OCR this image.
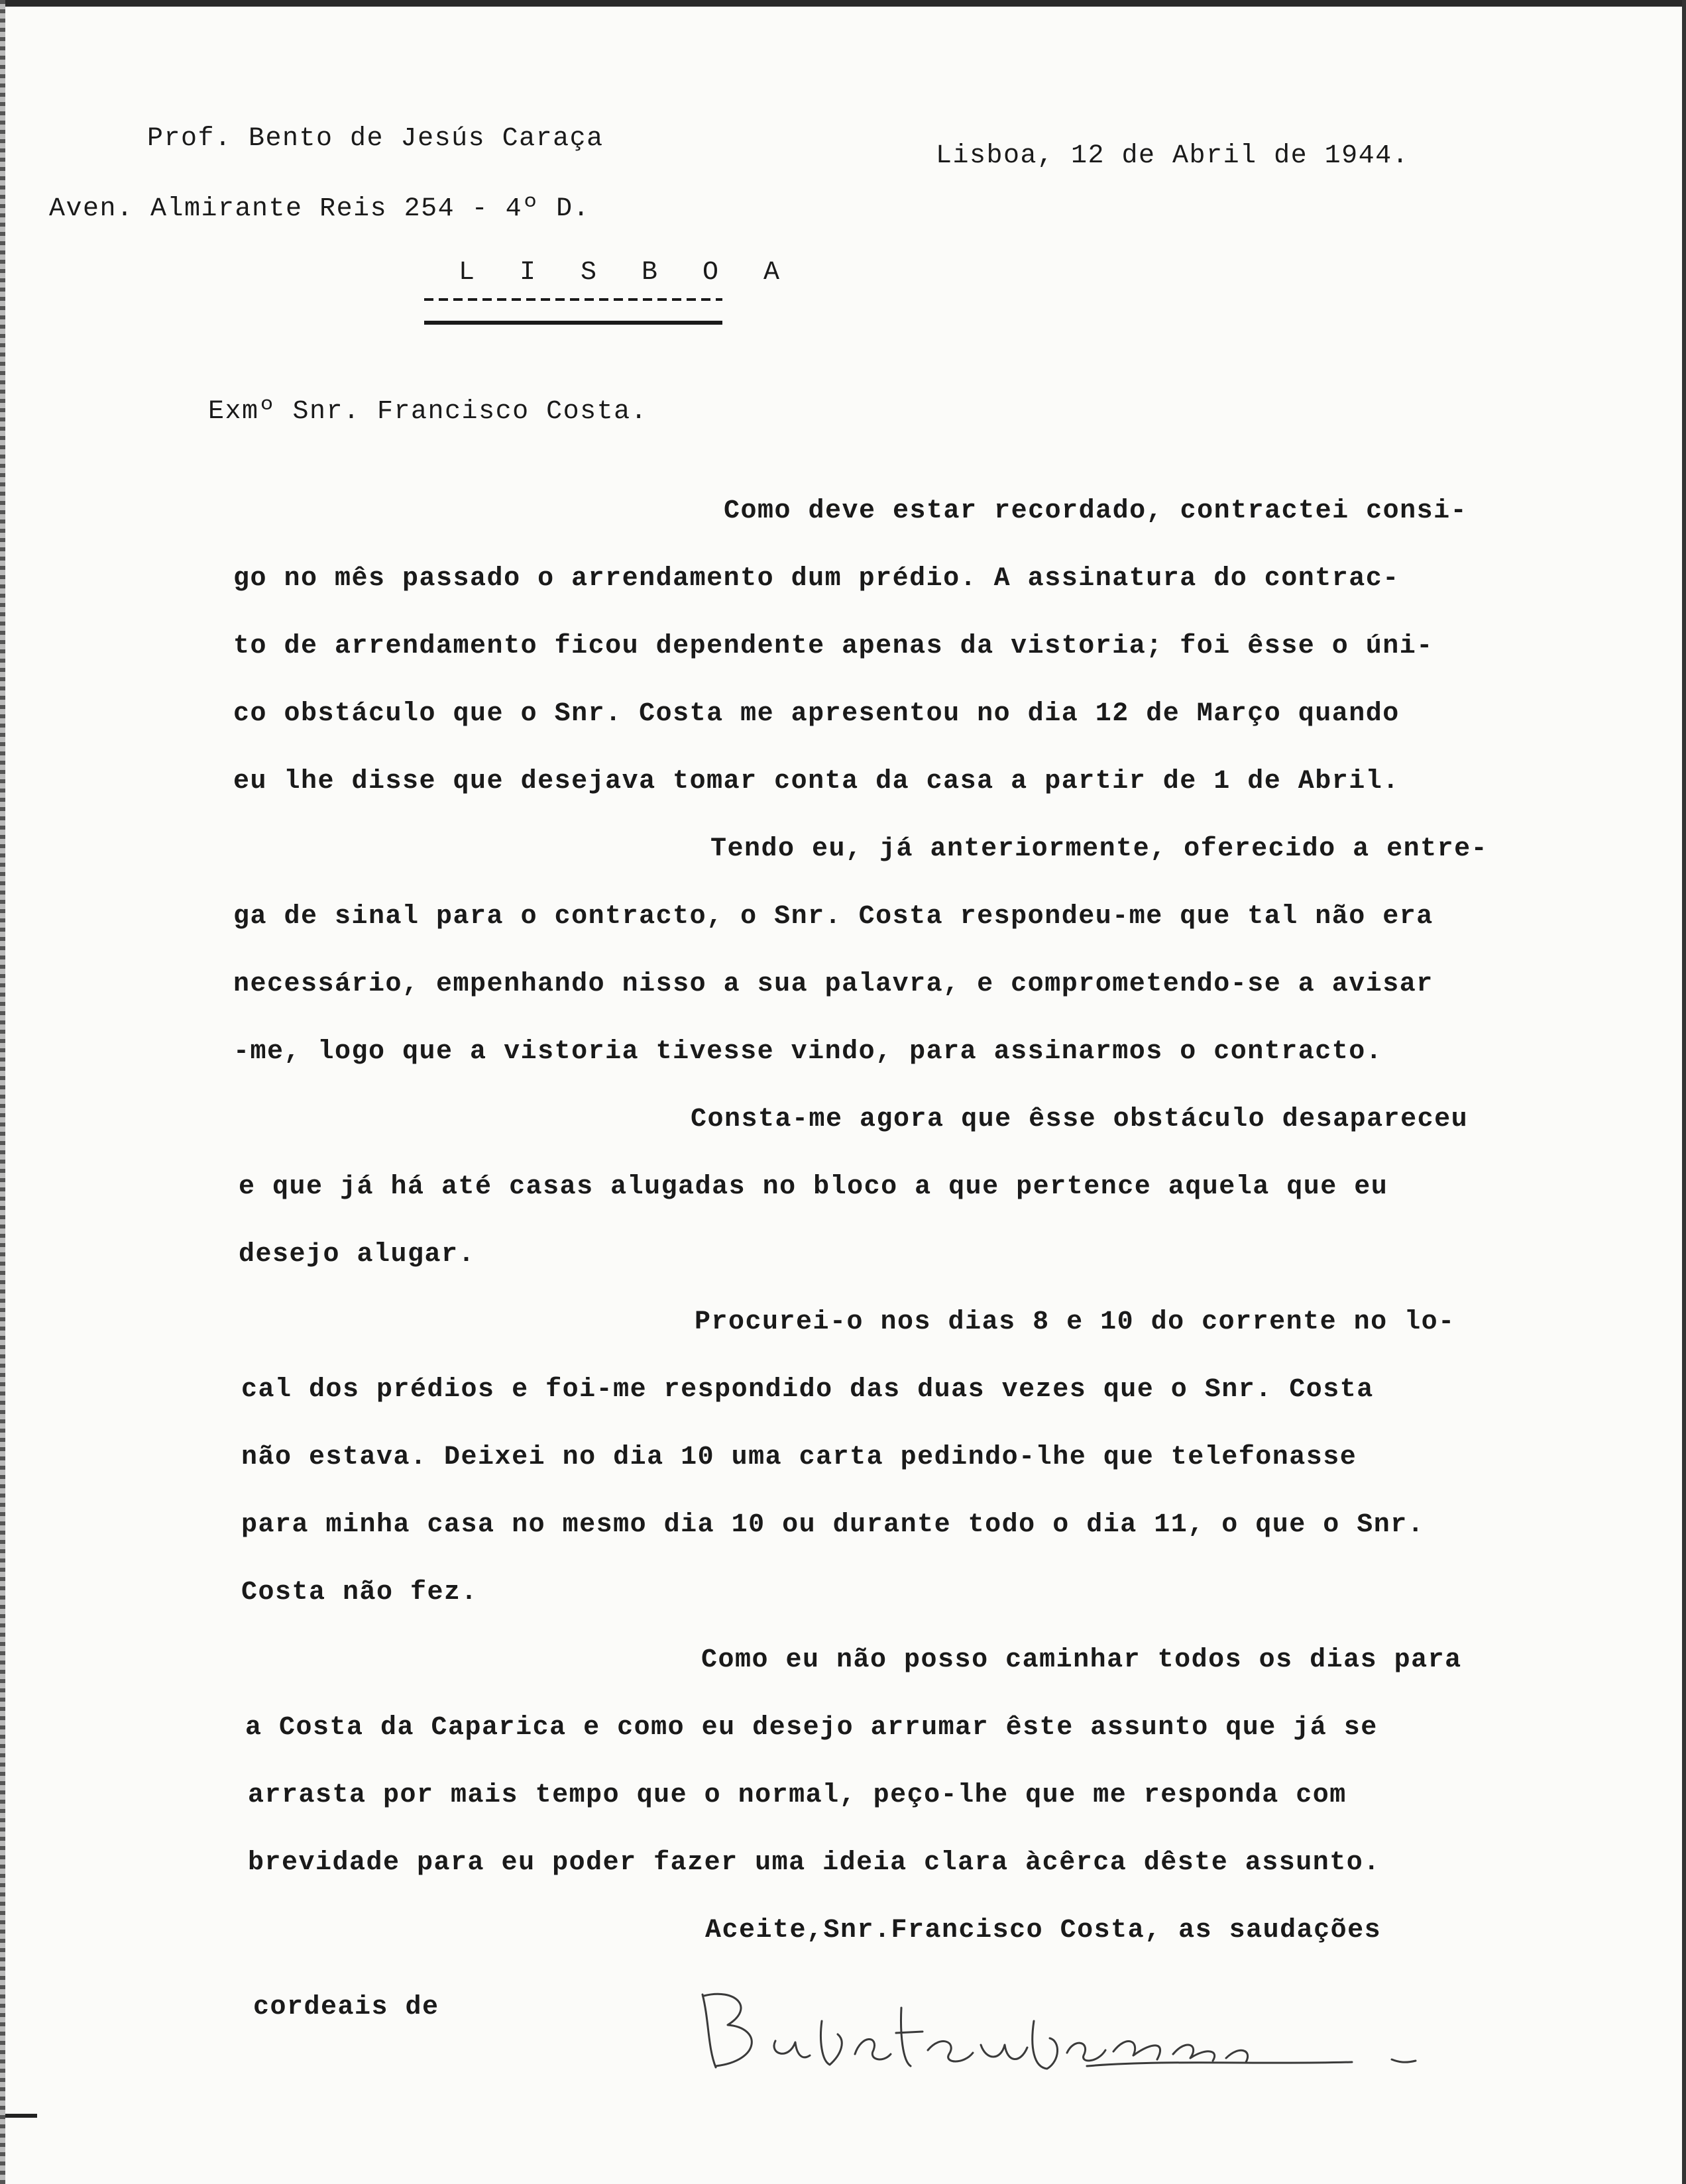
Prof. Bento de Jesús Caraça
Aven. Almirante Reis 254 - 4º D.
L I S B O A
Lisboa, 12 de Abril de 1944.
Exmº Snr. Francisco Costa.
Como deve estar recordado, contractei consi-
go no mês passado o arrendamento dum prédio. A assinatura do contrac-
to de arrendamento ficou dependente apenas da vistoria; foi êsse o úni-
co obstáculo que o Snr. Costa me apresentou no dia 12 de Março quando
eu lhe disse que desejava tomar conta da casa a partir de 1 de Abril.
Tendo eu, já anteriormente, oferecido a entre-
ga de sinal para o contracto, o Snr. Costa respondeu-me que tal não era
necessário, empenhando nisso a sua palavra, e comprometendo-se a avisar
-me, logo que a vistoria tivesse vindo, para assinarmos o contracto.
Consta-me agora que êsse obstáculo desapareceu
e que já há até casas alugadas no bloco a que pertence aquela que eu
desejo alugar.
Procurei-o nos dias 8 e 10 do corrente no lo-
cal dos prédios e foi-me respondido das duas vezes que o Snr. Costa
não estava. Deixei no dia 10 uma carta pedindo-lhe que telefonasse
para minha casa no mesmo dia 10 ou durante todo o dia 11, o que o Snr.
Costa não fez.
Como eu não posso caminhar todos os dias para
a Costa da Caparica e como eu desejo arrumar êste assunto que já se
arrasta por mais tempo que o normal, peço-lhe que me responda com
brevidade para eu poder fazer uma ideia clara àcêrca dêste assunto.
Aceite,Snr.Francisco Costa, as saudações
cordeais de
